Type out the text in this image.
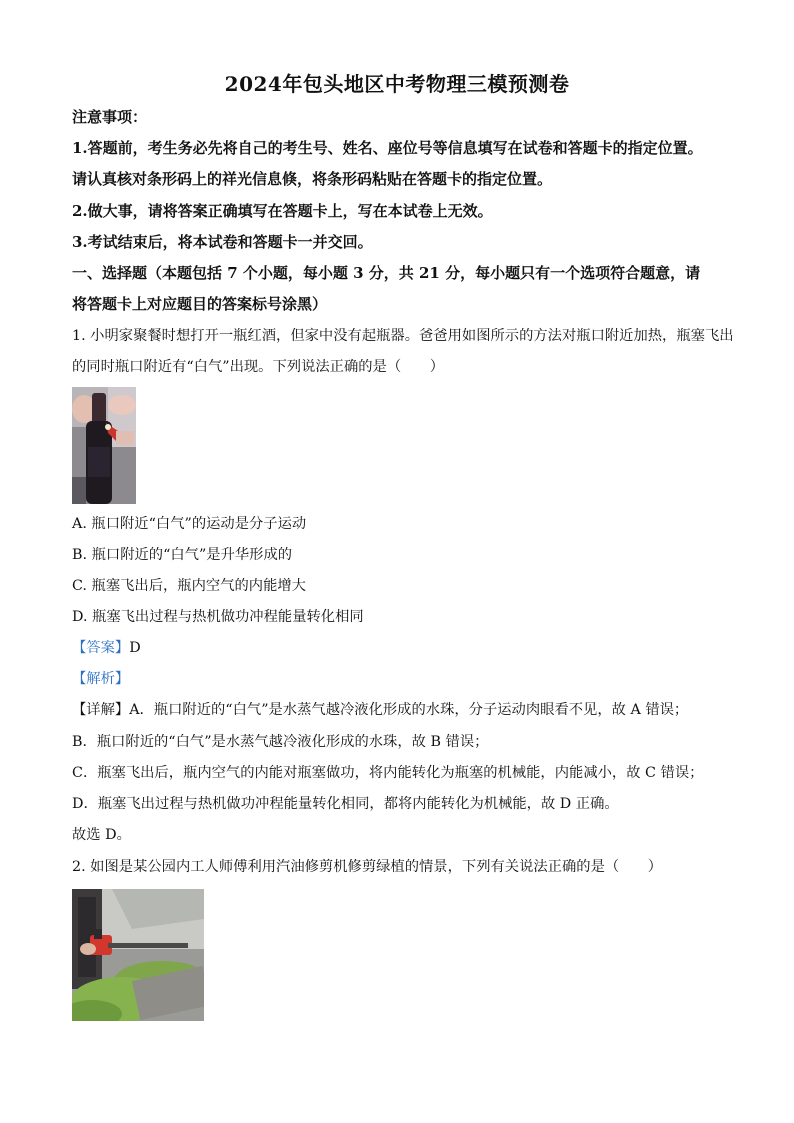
2024年包头地区中考物理三模预测卷
注意事项：
1.答题前，考生务必先将自己的考生号、姓名、座位号等信息填写在试卷和答题卡的指定位置。
请认真核对条形码上的祥光信息倏，将条形码粘贴在答题卡的指定位置。
2.做大事，请将答案正确填写在答题卡上，写在本试卷上无效。
3.考试结束后，将本试卷和答题卡一并交回。
一、选择题（本题包括 7 个小题，每小题 3 分，共 21 分，每小题只有一个选项符合题意，请
将答题卡上对应题目的答案标号涂黑）
1. 小明家聚餐时想打开一瓶红酒，但家中没有起瓶器。爸爸用如图所示的方法对瓶口附近加热，瓶塞飞出
的同时瓶口附近有“白气”出现。下列说法正确的是（　　）
A. 瓶口附近“白气”的运动是分子运动
B. 瓶口附近的“白气”是升华形成的
C. 瓶塞飞出后，瓶内空气的内能增大
D. 瓶塞飞出过程与热机做功冲程能量转化相同
【答案】D
【解析】
【详解】A．瓶口附近的“白气”是水蒸气越冷液化形成的水珠，分子运动肉眼看不见，故 A 错误；
B．瓶口附近的“白气”是水蒸气越冷液化形成的水珠，故 B 错误；
C．瓶塞飞出后，瓶内空气的内能对瓶塞做功，将内能转化为瓶塞的机械能，内能减小，故 C 错误；
D．瓶塞飞出过程与热机做功冲程能量转化相同，都将内能转化为机械能，故 D 正确。
故选 D。
2. 如图是某公园内工人师傅利用汽油修剪机修剪绿植的情景，下列有关说法正确的是（　　）
